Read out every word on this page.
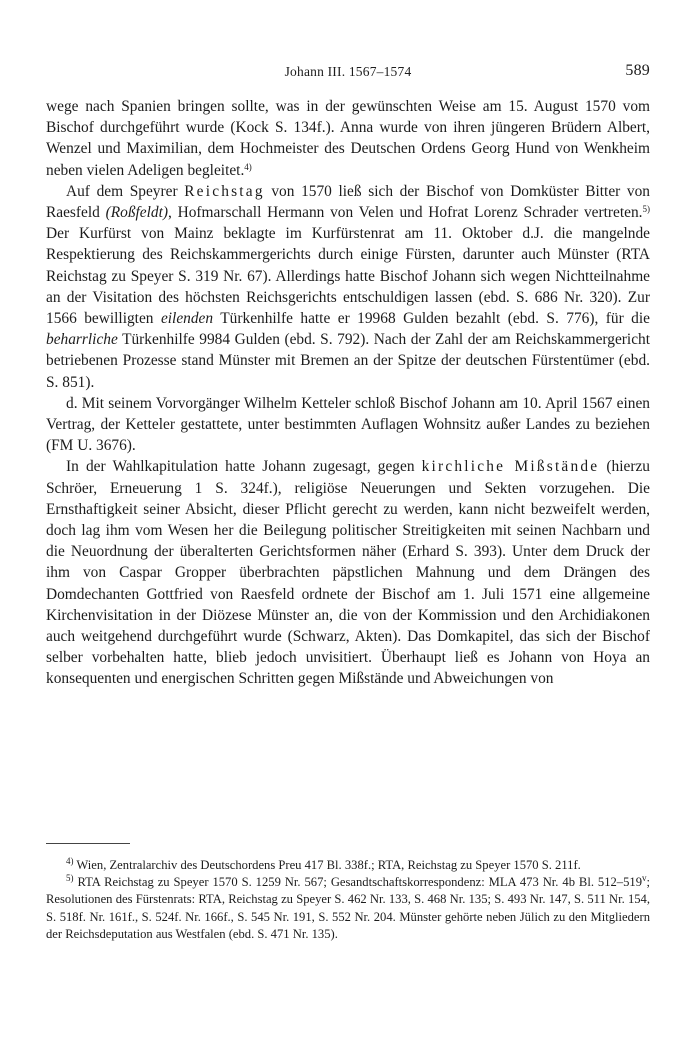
Johann III. 1567–1574	589

wege nach Spanien bringen sollte, was in der gewünschten Weise am 15. August 1570 vom Bischof durchgeführt wurde (Kock S. 134f.). Anna wurde von ihren jüngeren Brüdern Albert, Wenzel und Maximilian, dem Hochmeister des Deutschen Ordens Georg Hund von Wenkheim neben vielen Adeligen begleitet.$^{4)}$

Auf dem Speyrer Reichstag von 1570 ließ sich der Bischof von Domküster Bitter von Raesfeld (Roßfeldt), Hofmarschall Hermann von Velen und Hofrat Lorenz Schrader vertreten.$^{5)}$ Der Kurfürst von Mainz beklagte im Kurfürstenrat am 11. Oktober d.J. die mangelnde Respektierung des Reichskammergerichts durch einige Fürsten, darunter auch Münster (RTA Reichstag zu Speyer S. 319 Nr. 67). Allerdings hatte Bischof Johann sich wegen Nichtteilnahme an der Visitation des höchsten Reichsgerichts entschuldigen lassen (ebd. S. 686 Nr. 320). Zur 1566 bewilligten eilenden Türkenhilfe hatte er 19968 Gulden bezahlt (ebd. S. 776), für die beharrliche Türkenhilfe 9984 Gulden (ebd. S. 792). Nach der Zahl der am Reichskammergericht betriebenen Prozesse stand Münster mit Bremen an der Spitze der deutschen Fürstentümer (ebd. S. 851).

d. Mit seinem Vorvorgänger Wilhelm Ketteler schloß Bischof Johann am 10. April 1567 einen Vertrag, der Ketteler gestattete, unter bestimmten Auflagen Wohnsitz außer Landes zu beziehen (FM U. 3676).

In der Wahlkapitulation hatte Johann zugesagt, gegen kirchliche Mißstände (hierzu Schröer, Erneuerung 1 S. 324f.), religiöse Neuerungen und Sekten vorzugehen. Die Ernsthaftigkeit seiner Absicht, dieser Pflicht gerecht zu werden, kann nicht bezweifelt werden, doch lag ihm vom Wesen her die Beilegung politischer Streitigkeiten mit seinen Nachbarn und die Neuordnung der überalterten Gerichtsformen näher (Erhard S. 393). Unter dem Druck der ihm von Caspar Gropper überbrachten päpstlichen Mahnung und dem Drängen des Domdechanten Gottfried von Raesfeld ordnete der Bischof am 1. Juli 1571 eine allgemeine Kirchenvisitation in der Diözese Münster an, die von der Kommission und den Archidiakonen auch weitgehend durchgeführt wurde (Schwarz, Akten). Das Domkapitel, das sich der Bischof selber vorbehalten hatte, blieb jedoch unvisitiert. Überhaupt ließ es Johann von Hoya an konsequenten und energischen Schritten gegen Mißstände und Abweichungen von

$^{4)}$ Wien, Zentralarchiv des Deutschordens Preu 417 Bl. 338f.; RTA, Reichstag zu Speyer 1570 S. 211f.

$^{5)}$ RTA Reichstag zu Speyer 1570 S. 1259 Nr. 567; Gesandtschaftskorrespondenz: MLA 473 Nr. 4b Bl. 512–519$^v$; Resolutionen des Fürstenrats: RTA, Reichstag zu Speyer S. 462 Nr. 133, S. 468 Nr. 135; S. 493 Nr. 147, S. 511 Nr. 154, S. 518f. Nr. 161f., S. 524f. Nr. 166f., S. 545 Nr. 191, S. 552 Nr. 204. Münster gehörte neben Jülich zu den Mitgliedern der Reichsdeputation aus Westfalen (ebd. S. 471 Nr. 135).
